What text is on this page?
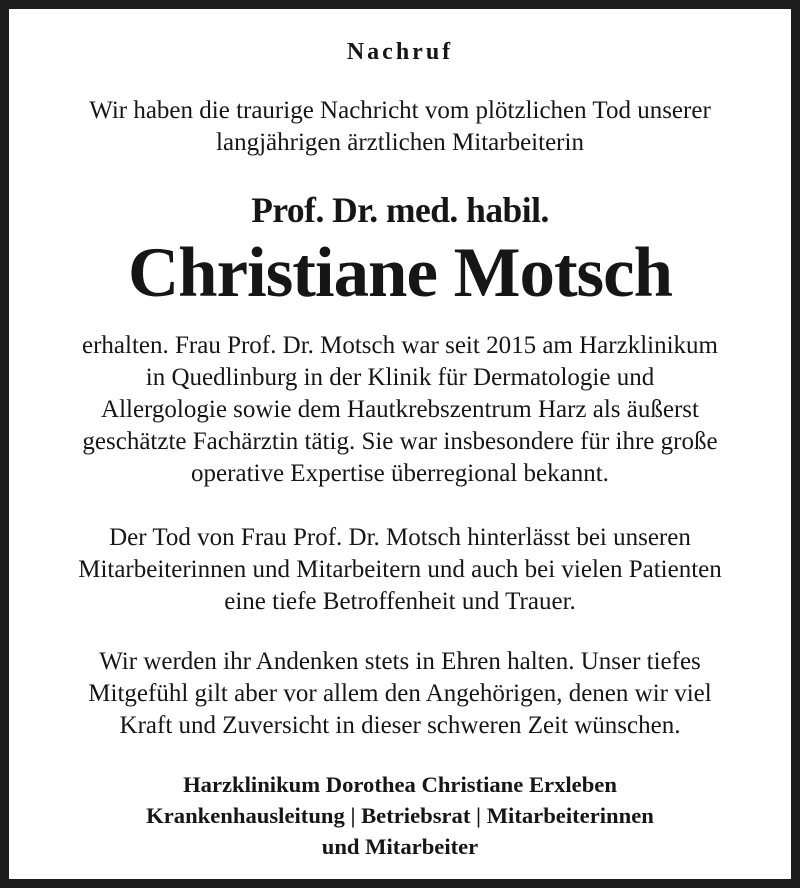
Nachruf
Wir haben die traurige Nachricht vom plötzlichen Tod unserer
langjährigen ärztlichen Mitarbeiterin
Prof. Dr. med. habil.
Christiane Motsch
erhalten. Frau Prof. Dr. Motsch war seit 2015 am Harzklinikum
in Quedlinburg in der Klinik für Dermatologie und
Allergologie sowie dem Hautkrebszentrum Harz als äußerst
geschätzte Fachärztin tätig. Sie war insbesondere für ihre große
operative Expertise überregional bekannt.
Der Tod von Frau Prof. Dr. Motsch hinterlässt bei unseren
Mitarbeiterinnen und Mitarbeitern und auch bei vielen Patienten
eine tiefe Betroffenheit und Trauer.
Wir werden ihr Andenken stets in Ehren halten. Unser tiefes
Mitgefühl gilt aber vor allem den Angehörigen, denen wir viel
Kraft und Zuversicht in dieser schweren Zeit wünschen.
Harzklinikum Dorothea Christiane Erxleben
Krankenhausleitung | Betriebsrat | Mitarbeiterinnen
und Mitarbeiter
